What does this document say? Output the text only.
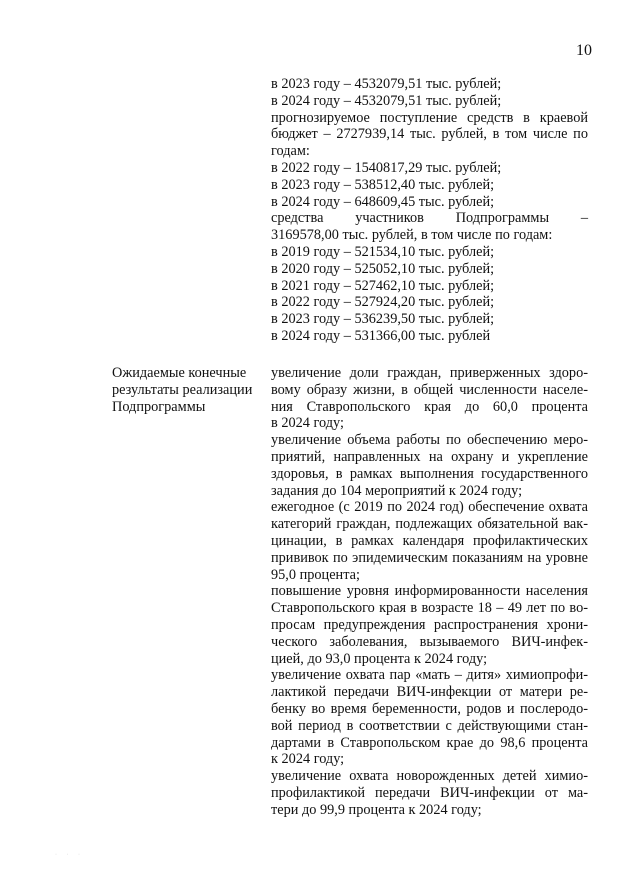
10
в 2023 году – 4532079,51 тыс. рублей;
в 2024 году – 4532079,51 тыс. рублей;
прогнозируемое поступление средств в краевой
бюджет – 2727939,14 тыс. рублей, в том числе по
годам:
в 2022 году – 1540817,29 тыс. рублей;
в 2023 году – 538512,40 тыс. рублей;
в 2024 году – 648609,45 тыс. рублей;
средства участников Подпрограммы –
3169578,00 тыс. рублей, в том числе по годам:
в 2019 году – 521534,10 тыс. рублей;
в 2020 году – 525052,10 тыс. рублей;
в 2021 году – 527462,10 тыс. рублей;
в 2022 году – 527924,20 тыс. рублей;
в 2023 году – 536239,50 тыс. рублей;
в 2024 году – 531366,00 тыс. рублей
Ожидаемые конечные
результаты реализации
Подпрограммы
увеличение доли граждан, приверженных здоро-
вому образу жизни, в общей численности населе-
ния Ставропольского края до 60,0 процента
в 2024 году;
увеличение объема работы по обеспечению меро-
приятий, направленных на охрану и укрепление
здоровья, в рамках выполнения государственного
задания до 104 мероприятий к 2024 году;
ежегодное (с 2019 по 2024 год) обеспечение охвата
категорий граждан, подлежащих обязательной вак-
цинации, в рамках календаря профилактических
прививок по эпидемическим показаниям на уровне
95,0 процента;
повышение уровня информированности населения
Ставропольского края в возрасте 18 – 49 лет по во-
просам предупреждения распространения хрони-
ческого заболевания, вызываемого ВИЧ-инфек-
цией, до 93,0 процента к 2024 году;
увеличение охвата пар «мать – дитя» химиопрофи-
лактикой передачи ВИЧ-инфекции от матери ре-
бенку во время беременности, родов и послеродо-
вой период в соответствии с действующими стан-
дартами в Ставропольском крае до 98,6 процента
к 2024 году;
увеличение охвата новорожденных детей химио-
профилактикой передачи ВИЧ-инфекции от ма-
тери до 99,9 процента к 2024 году;
· · ·
